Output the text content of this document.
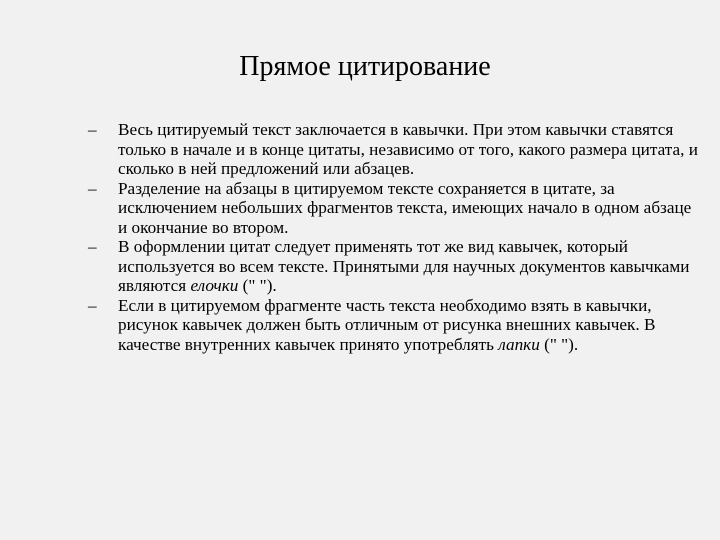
Прямое цитирование
– Весь цитируемый текст заключается в кавычки. При этом кавычки ставятся только в начале и в конце цитаты, независимо от того, какого размера цитата, и сколько в ней предложений или абзацев.
– Разделение на абзацы в цитируемом тексте сохраняется в цитате, за исключением небольших фрагментов текста, имеющих начало в одном абзаце и окончание во втором.
– В оформлении цитат следует применять тот же вид кавычек, который используется во всем тексте. Принятыми для научных документов кавычками являются елочки (" ").
– Если в цитируемом фрагменте часть текста необходимо взять в кавычки, рисунок кавычек должен быть отличным от рисунка внешних кавычек. В качестве внутренних кавычек принято употреблять лапки (" ").
